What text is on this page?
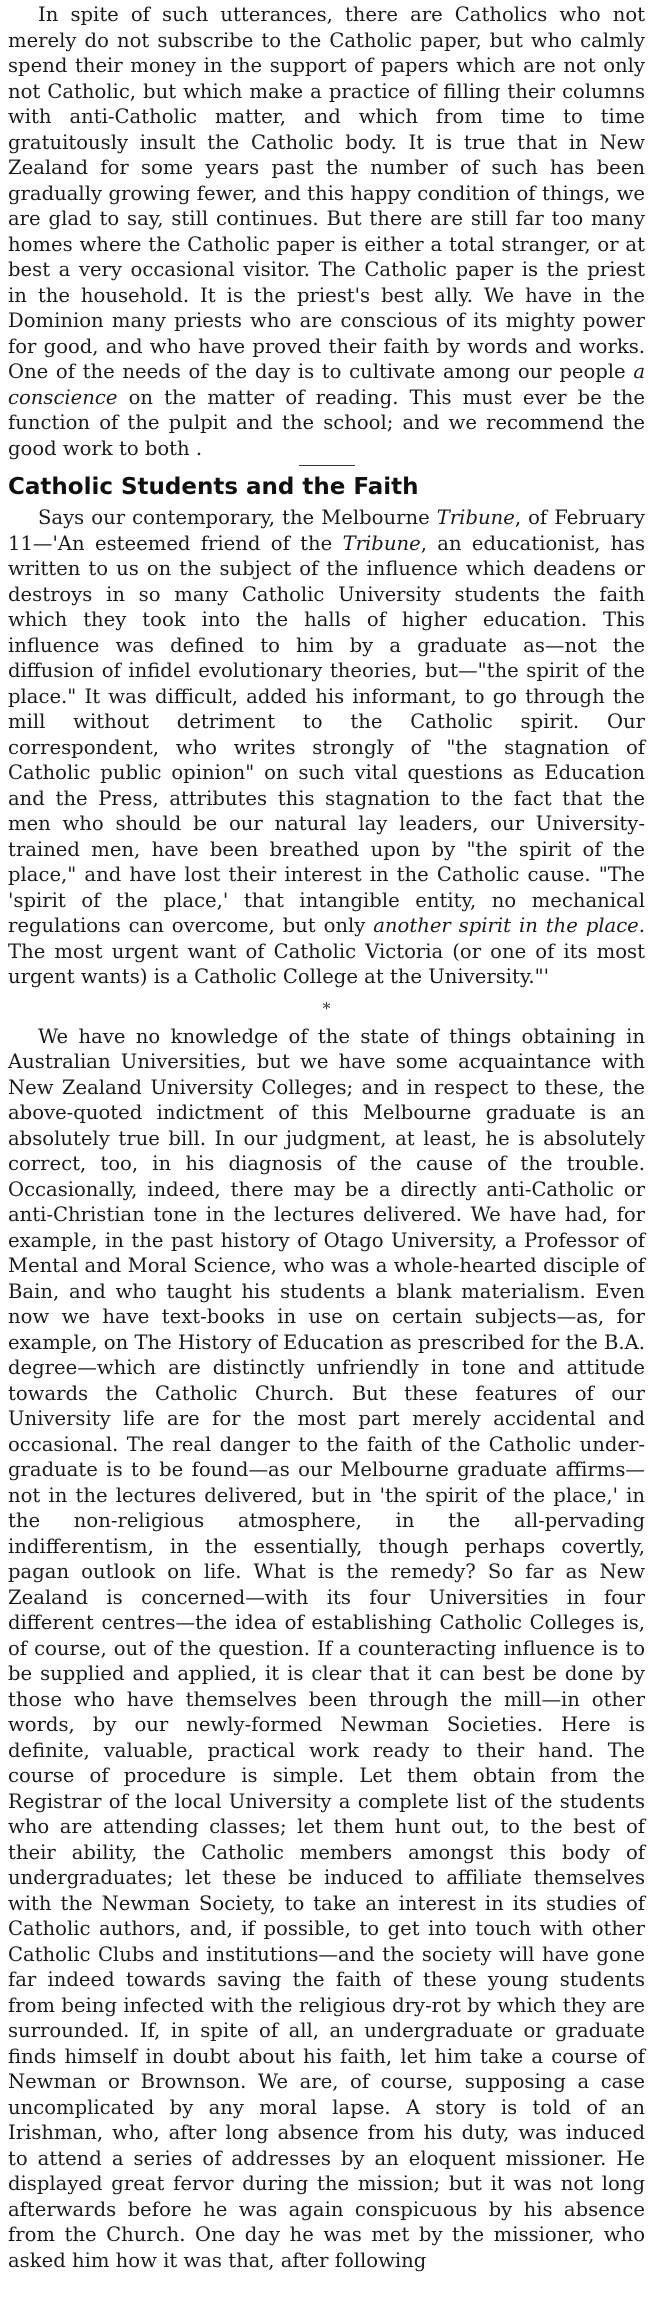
In spite of such utterances, there are Catholics who not merely do not subscribe to the Catholic paper, but who calmly spend their money in the support of papers which are not only not Catholic, but which make a practice of filling their columns with anti-Catholic matter, and which from time to time gratuitously insult the Catholic body. It is true that in New Zealand for some years past the number of such has been gradually growing fewer, and this happy condition of things, we are glad to say, still continues. But there are still far too many homes where the Catholic paper is either a total stranger, or at best a very occasional visitor. The Catholic paper is the priest in the household. It is the priest's best ally. We have in the Dominion many priests who are conscious of its mighty power for good, and who have proved their faith by words and works. One of the needs of the day is to cultivate among our people a conscience on the matter of reading. This must ever be the function of the pulpit and the school; and we recommend the good work to both .

Catholic Students and the Faith

Says our contemporary, the Melbourne Tribune, of February 11—'An esteemed friend of the Tribune, an educationist, has written to us on the subject of the influence which deadens or destroys in so many Catholic University students the faith which they took into the halls of higher education. This influence was defined to him by a graduate as—not the diffusion of infidel evolutionary theories, but—"the spirit of the place." It was difficult, added his informant, to go through the mill without detriment to the Catholic spirit. Our correspondent, who writes strongly of "the stagnation of Catholic public opinion" on such vital questions as Education and the Press, attributes this stagnation to the fact that the men who should be our natural lay leaders, our University-trained men, have been breathed upon by "the spirit of the place," and have lost their interest in the Catholic cause. "The 'spirit of the place,' that intangible entity, no mechanical regulations can overcome, but only another spirit in the place. The most urgent want of Catholic Victoria (or one of its most urgent wants) is a Catholic College at the University."'

*

We have no knowledge of the state of things obtaining in Australian Universities, but we have some acquaintance with New Zealand University Colleges; and in respect to these, the above-quoted indictment of this Melbourne graduate is an absolutely true bill. In our judgment, at least, he is absolutely correct, too, in his diagnosis of the cause of the trouble. Occasionally, indeed, there may be a directly anti-Catholic or anti-Christian tone in the lectures delivered. We have had, for example, in the past history of Otago University, a Professor of Mental and Moral Science, who was a whole-hearted disciple of Bain, and who taught his students a blank materialism. Even now we have text-books in use on certain subjects—as, for example, on The History of Education as prescribed for the B.A. degree—which are distinctly unfriendly in tone and attitude towards the Catholic Church. But these features of our University life are for the most part merely accidental and occasional. The real danger to the faith of the Catholic under-graduate is to be found—as our Melbourne graduate affirms—not in the lectures delivered, but in 'the spirit of the place,' in the non-religious atmosphere, in the all-pervading indifferentism, in the essentially, though perhaps covertly, pagan outlook on life. What is the remedy? So far as New Zealand is concerned—with its four Universities in four different centres—the idea of establishing Catholic Colleges is, of course, out of the question. If a counteracting influence is to be supplied and applied, it is clear that it can best be done by those who have themselves been through the mill—in other words, by our newly-formed Newman Societies. Here is definite, valuable, practical work ready to their hand. The course of procedure is simple. Let them obtain from the Registrar of the local University a complete list of the students who are attending classes; let them hunt out, to the best of their ability, the Catholic members amongst this body of undergraduates; let these be induced to affiliate themselves with the Newman Society, to take an interest in its studies of Catholic authors, and, if possible, to get into touch with other Catholic Clubs and institutions—and the society will have gone far indeed towards saving the faith of these young students from being infected with the religious dry-rot by which they are surrounded. If, in spite of all, an undergraduate or graduate finds himself in doubt about his faith, let him take a course of Newman or Brownson. We are, of course, supposing a case uncomplicated by any moral lapse. A story is told of an Irishman, who, after long absence from his duty, was induced to attend a series of addresses by an eloquent missioner. He displayed great fervor during the mission; but it was not long afterwards before he was again conspicuous by his absence from the Church. One day he was met by the missioner, who asked him how it was that, after following
